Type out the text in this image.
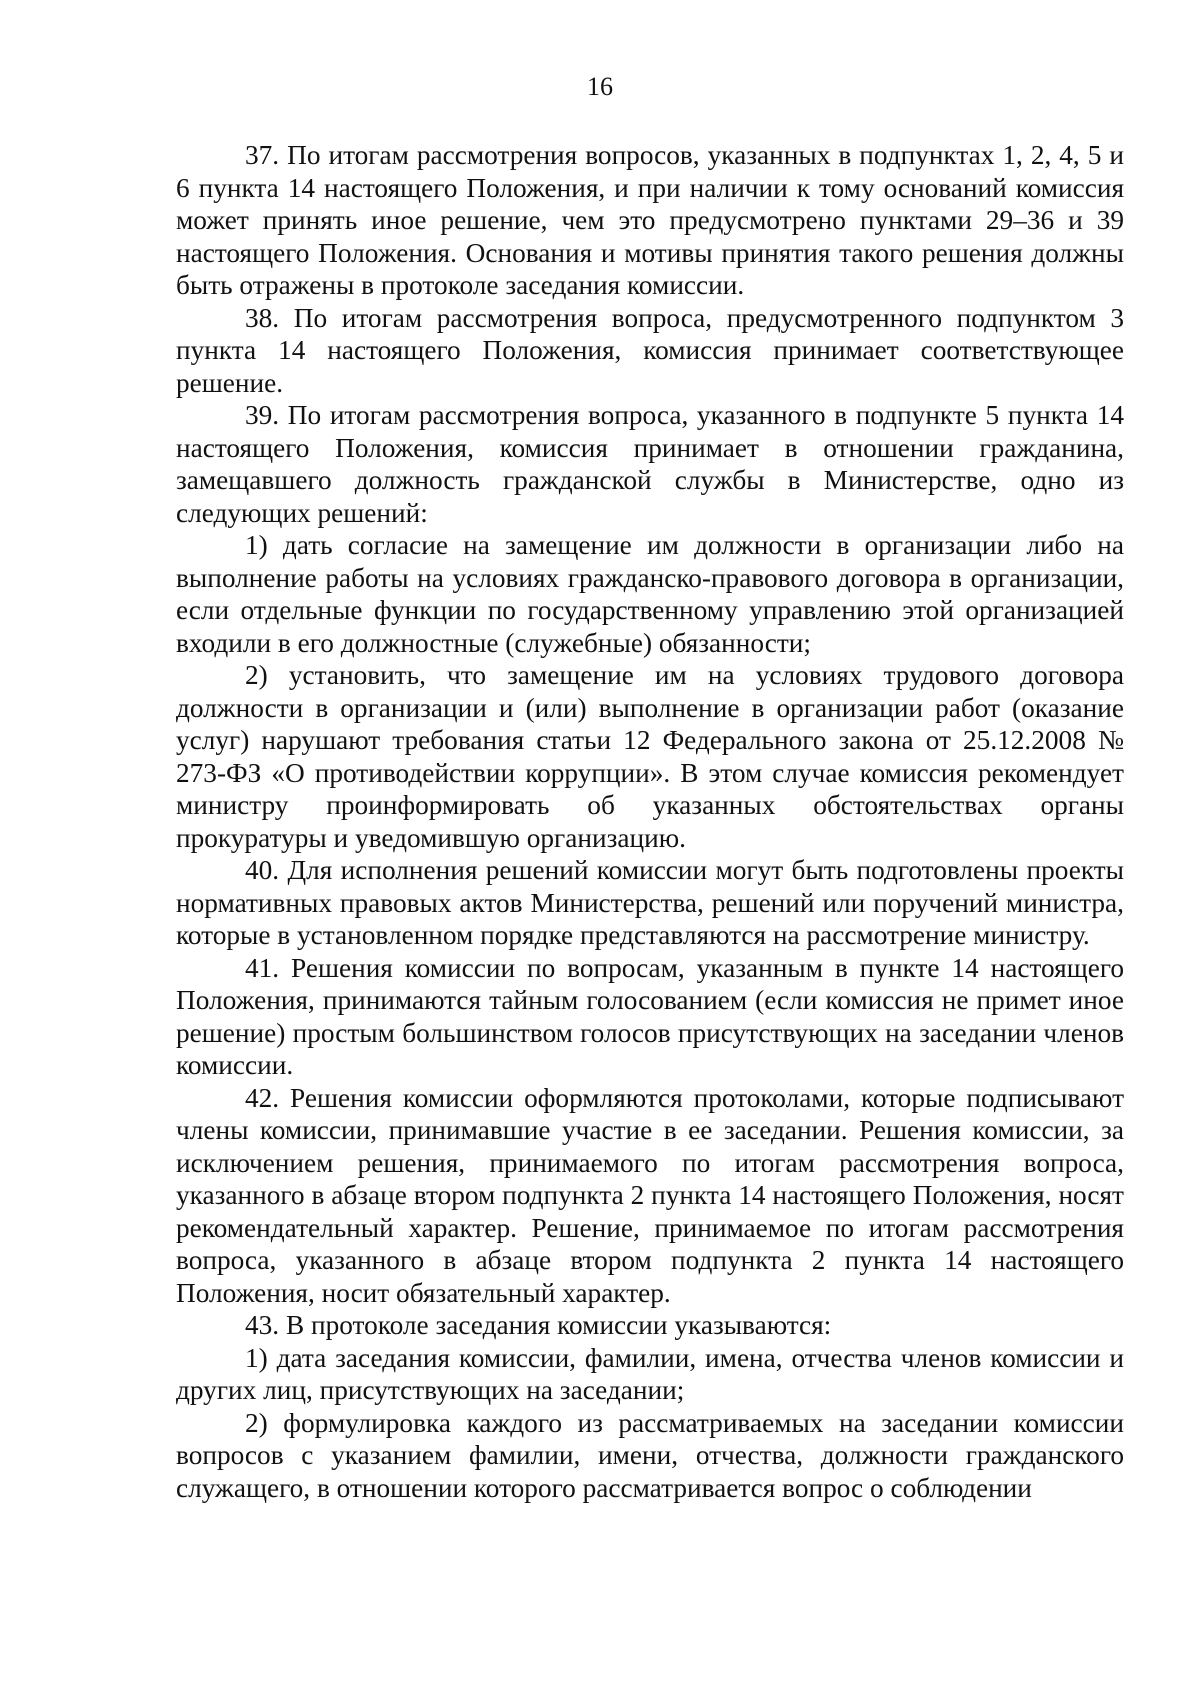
16

37. По итогам рассмотрения вопросов, указанных в подпунктах 1, 2, 4, 5 и 6 пункта 14 настоящего Положения, и при наличии к тому оснований комиссия может принять иное решение, чем это предусмотрено пунктами 29–36 и 39 настоящего Положения. Основания и мотивы принятия такого решения должны быть отражены в протоколе заседания комиссии.

38. По итогам рассмотрения вопроса, предусмотренного подпунктом 3 пункта 14 настоящего Положения, комиссия принимает соответствующее решение.

39. По итогам рассмотрения вопроса, указанного в подпункте 5 пункта 14 настоящего Положения, комиссия принимает в отношении гражданина, замещавшего должность гражданской службы в Министерстве, одно из следующих решений:

1) дать согласие на замещение им должности в организации либо на выполнение работы на условиях гражданско-правового договора в организации, если отдельные функции по государственному управлению этой организацией входили в его должностные (служебные) обязанности;

2) установить, что замещение им на условиях трудового договора должности в организации и (или) выполнение в организации работ (оказание услуг) нарушают требования статьи 12 Федерального закона от 25.12.2008 № 273-ФЗ «О противодействии коррупции». В этом случае комиссия рекомендует министру проинформировать об указанных обстоятельствах органы прокуратуры и уведомившую организацию.

40. Для исполнения решений комиссии могут быть подготовлены проекты нормативных правовых актов Министерства, решений или поручений министра, которые в установленном порядке представляются на рассмотрение министру.

41. Решения комиссии по вопросам, указанным в пункте 14 настоящего Положения, принимаются тайным голосованием (если комиссия не примет иное решение) простым большинством голосов присутствующих на заседании членов комиссии.

42. Решения комиссии оформляются протоколами, которые подписывают члены комиссии, принимавшие участие в ее заседании. Решения комиссии, за исключением решения, принимаемого по итогам рассмотрения вопроса, указанного в абзаце втором подпункта 2 пункта 14 настоящего Положения, носят рекомендательный характер. Решение, принимаемое по итогам рассмотрения вопроса, указанного в абзаце втором подпункта 2 пункта 14 настоящего Положения, носит обязательный характер.

43. В протоколе заседания комиссии указываются:

1) дата заседания комиссии, фамилии, имена, отчества членов комиссии и других лиц, присутствующих на заседании;

2) формулировка каждого из рассматриваемых на заседании комиссии вопросов с указанием фамилии, имени, отчества, должности гражданского служащего, в отношении которого рассматривается вопрос о соблюдении
